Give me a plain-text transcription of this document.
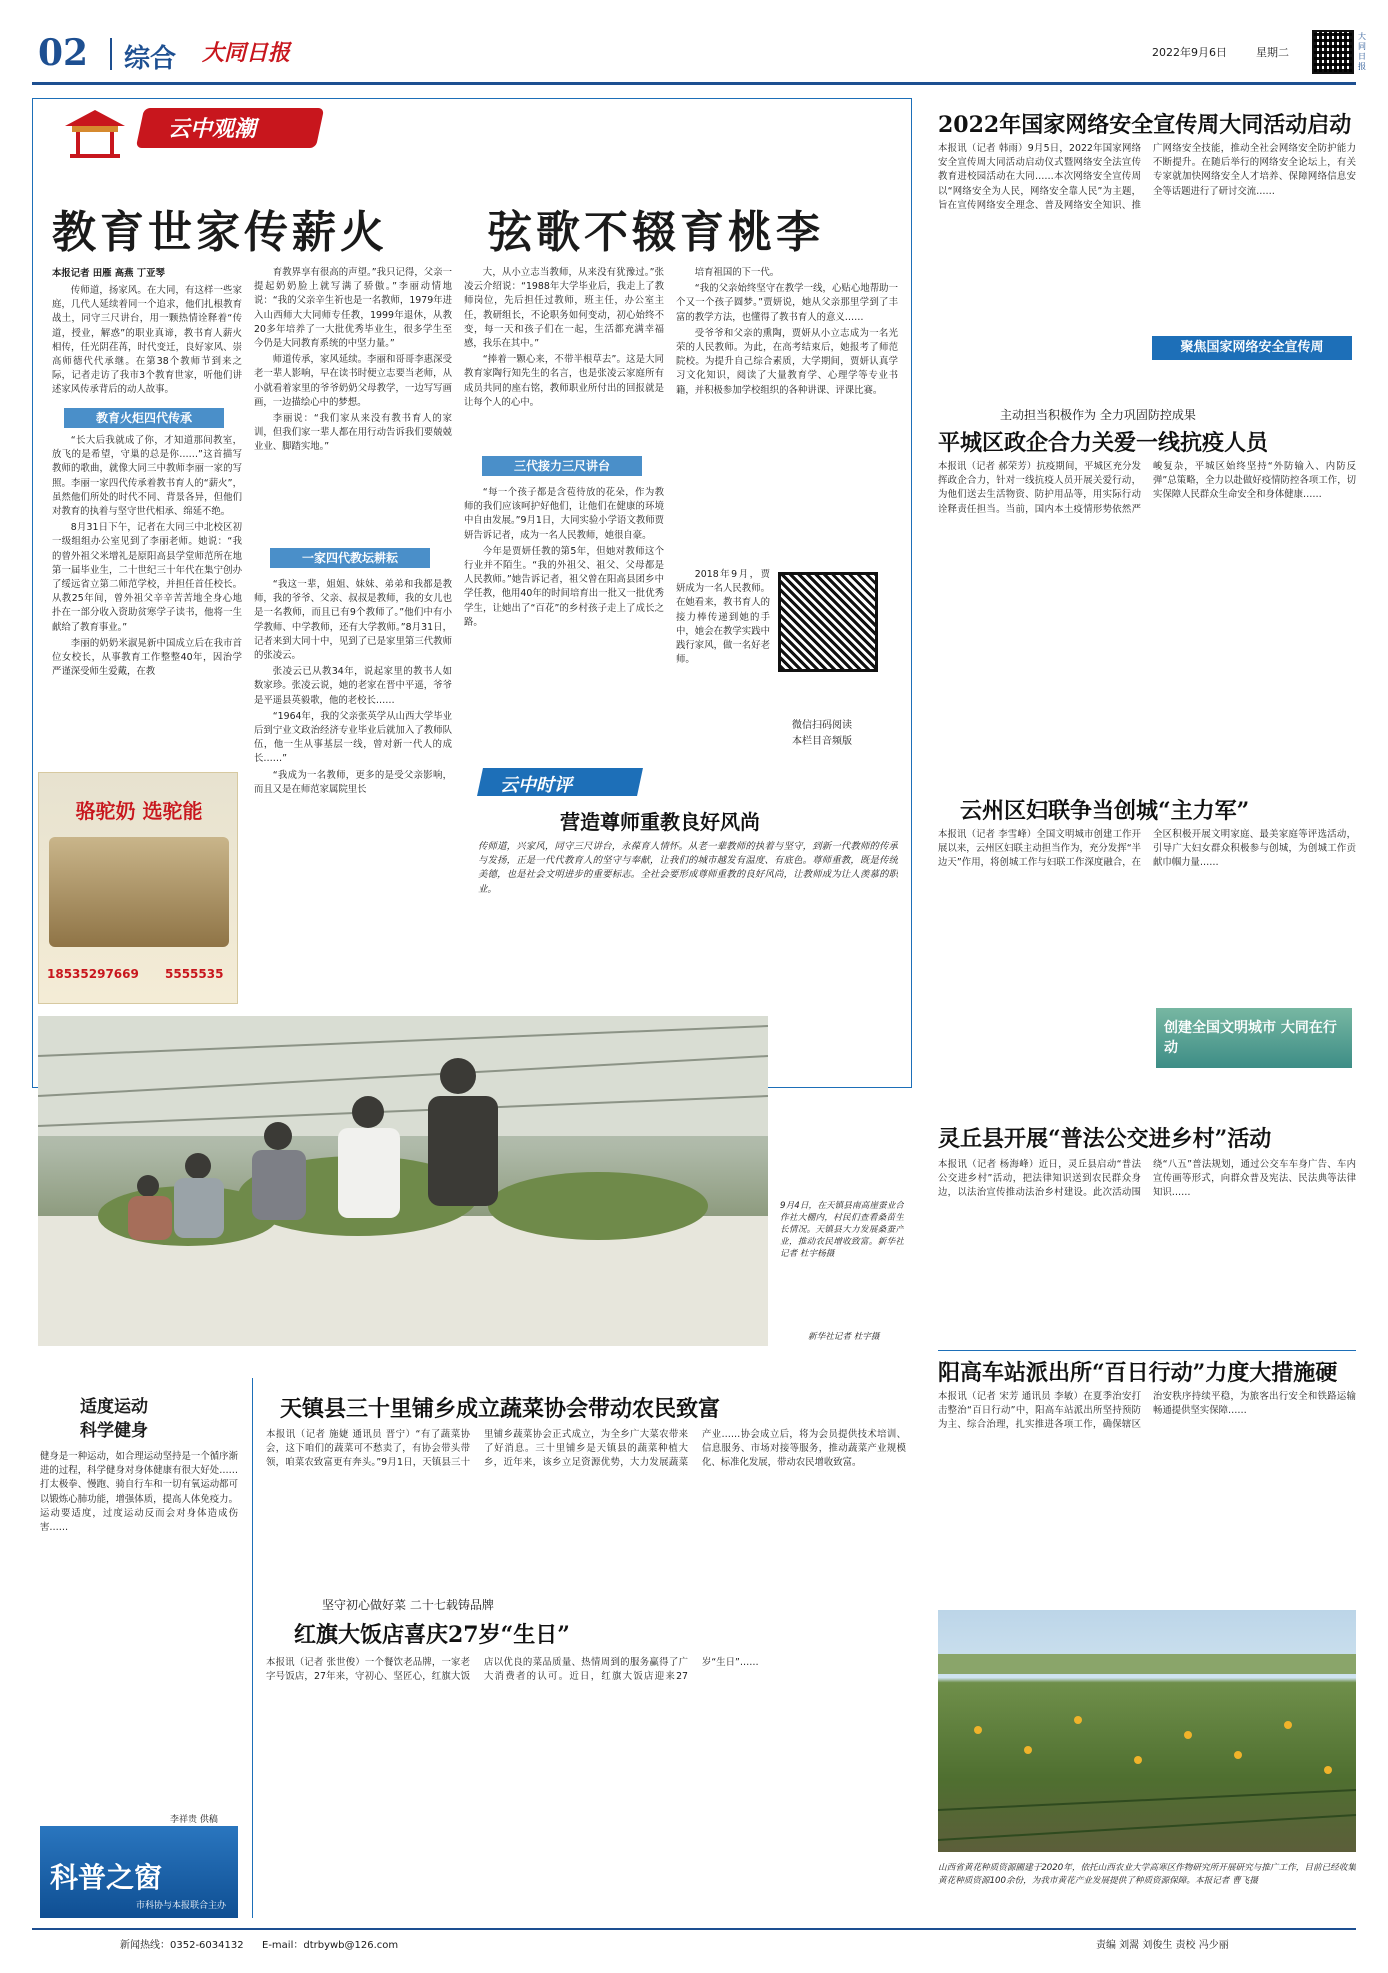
02 综合 大同日报	2022年9月6日	星期二
大同日报
云中观潮
教育世家传薪火 弦歌不辍育桃李
本报记者 田雁 高燕 丁亚琴

传师道，扬家风。在大同，有这样一些家庭，几代人延续着同一个追求，他们扎根教育战土，同守三尺讲台，用一颗热情诠释着“传道，授业，解惑”的职业真谛，教书育人薪火相传，任光阴荏苒，时代变迁，良好家风、崇高师德代代承继。在第38个教师节到来之际，记者走访了我市3个教育世家，听他们讲述家风传承背后的动人故事。

教育火炬四代传承

“长大后我就成了你，才知道那间教室，放飞的是希望，守巢的总是你……”这首描写教师的歌曲，就像大同三中教师李丽一家的写照。李丽一家四代传承着教书育人的“薪火”，虽然他们所处的时代不同、背景各异，但他们对教育的执着与坚守世代相承、绵延不绝。

8月31日下午，记者在大同三中北校区初一级组组办公室见到了李丽老师。她说：“我的曾外祖父米增礼是原阳高县学堂师范所在地第一届毕业生，二十世纪三十年代在集宁创办了绥远省立第二师范学校，并担任首任校长。从教25年间，曾外祖父辛辛苦苦地全身心地扑在一部分收入资助贫寒学子读书，他将一生献给了教育事业。”

李丽的奶奶米淑晃新中国成立后在我市首位女校长，从事教育工作整整40年，因治学严谨深受师生爱戴，在教

育教界享有很高的声望。”我只记得，父亲一提起奶奶脸上就写满了骄傲。”李丽动情地说：“我的父亲辛生祈也是一名教师，1979年进入山西师大大同师专任教，1999年退休，从教20多年培养了一大批优秀毕业生，很多学生至今仍是大同教育系统的中坚力量。”

师道传承，家风延续。李丽和哥哥李惠深受老一辈人影响，早在读书时便立志要当老师，从小就看着家里的爷爷奶奶父母教学，一边写写画画，一边描绘心中的梦想。

李丽说：“我们家从来没有教书育人的家训，但我们家一辈人都在用行动告诉我们要兢兢业业、脚踏实地。”

一家四代教坛耕耘

“我这一辈，姐姐、妹妹、弟弟和我都是教师，我的爷爷、父亲、叔叔是教师，我的女儿也是一名教师，而且已有9个教师了。”他们中有小学教师、中学教师，还有大学教师。”8月31日，记者来到大同十中，见到了已是家里第三代教师的张凌云。

张凌云已从教34年，说起家里的教书人如数家珍。张凌云说，她的老家在晋中平遥，爷爷是平遥县英毅歌，他的老校长……

“1964年，我的父亲张英学从山西大学毕业后到宁业文政治经济专业毕业后就加入了教师队伍，他一生从事基层一线，曾对新一代人的成长……”

“我成为一名教师，更多的是受父亲影响，而且又是在师范家属院里长

大，从小立志当教师，从来没有犹豫过。”张凌云介绍说：“1988年大学毕业后，我走上了教师岗位，先后担任过教师，班主任，办公室主任，教研组长，不论职务如何变动，初心始终不变，每一天和孩子们在一起，生活都充满幸福感，我乐在其中。”

“捧着一颗心来，不带半根草去”。这是大同教育家陶行知先生的名言，也是张凌云家庭所有成员共同的座右铭，教师职业所付出的回报就是让每个人的心中。

三代接力三尺讲台

“每一个孩子都是含苞待放的花朵，作为教师的我们应该呵护好他们，让他们在健康的环境中自由发展。”9月1日，大同实验小学语文教师贾妍告诉记者，成为一名人民教师，她很自豪。

今年是贾妍任教的第5年，但她对教师这个行业并不陌生。“我的外祖父、祖父、父母都是人民教师。”她告诉记者，祖父曾在阳高县团乡中学任教，他用40年的时间培育出一批又一批优秀学生，让她出了“百花”的乡村孩子走上了成长之路。

培育祖国的下一代。

“我的父亲始终坚守在教学一线，心贴心地帮助一个又一个孩子圆梦。”贾妍说，她从父亲那里学到了丰富的教学方法，也懂得了教书育人的意义……

受爷爷和父亲的熏陶，贾妍从小立志成为一名光荣的人民教师。为此，在高考结束后，她报考了师范院校。为提升自己综合素质，大学期间，贾妍认真学习文化知识，阅读了大量教育学、心理学等专业书籍，并积极参加学校组织的各种讲课、评课比赛。

2018年9月，贾妍成为一名人民教师。在她看来，教书育人的接力棒传递到她的手中，她会在教学实践中践行家风，做一名好老师。

微信扫码阅读
本栏目音频版
骆驼奶 选驼能
18535297669 5555535
云中时评
营造尊师重教良好风尚
传师道，兴家风，同守三尺讲台，永葆育人情怀。从老一辈教师的执着与坚守，到新一代教师的传承与发扬，正是一代代教育人的坚守与奉献，让我们的城市越发有温度、有底色。尊师重教，既是传统美德，也是社会文明进步的重要标志。全社会要形成尊师重教的良好风尚，让教师成为让人羡慕的职业。
9月4日，在天镇县南高崖蚕业合作社大棚内，村民们查看桑苗生长情况。天镇县大力发展桑蚕产业，推动农民增收致富。新华社记者 杜宇杨摄
新华社记者 杜宇摄
2022年国家网络安全宣传周大同活动启动
本报讯（记者 韩雨）9月5日，2022年国家网络安全宣传周大同活动启动仪式暨网络安全法宣传教育进校园活动在大同……本次网络安全宣传周以“网络安全为人民，网络安全靠人民”为主题，旨在宣传网络安全理念、普及网络安全知识、推广网络安全技能，推动全社会网络安全防护能力不断提升。在随后举行的网络安全论坛上，有关专家就加快网络安全人才培养、保障网络信息安全等话题进行了研讨交流……
聚焦国家网络安全宣传周
主动担当积极作为 全力巩固防控成果
平城区政企合力关爱一线抗疫人员
本报讯（记者 郝荣芳）抗疫期间，平城区充分发挥政企合力，针对一线抗疫人员开展关爱行动，为他们送去生活物资、防护用品等，用实际行动诠释责任担当。当前，国内本土疫情形势依然严峻复杂，平城区始终坚持“外防输入、内防反弹”总策略，全力以赴做好疫情防控各项工作，切实保障人民群众生命安全和身体健康……
云州区妇联争当创城“主力军”
本报讯（记者 李雪峰）全国文明城市创建工作开展以来，云州区妇联主动担当作为，充分发挥“半边天”作用，将创城工作与妇联工作深度融合，在全区积极开展文明家庭、最美家庭等评选活动，引导广大妇女群众积极参与创城，为创城工作贡献巾帼力量……
创建全国文明城市 大同在行动
灵丘县开展“普法公交进乡村”活动
本报讯（记者 杨海峰）近日，灵丘县启动“普法公交进乡村”活动，把法律知识送到农民群众身边，以法治宣传推动法治乡村建设。此次活动围绕“八五”普法规划，通过公交车车身广告、车内宣传画等形式，向群众普及宪法、民法典等法律知识……
阳高车站派出所“百日行动”力度大措施硬
本报讯（记者 宋芳 通讯员 李敏）在夏季治安打击整治“百日行动”中，阳高车站派出所坚持预防为主、综合治理，扎实推进各项工作，确保辖区治安秩序持续平稳，为旅客出行安全和铁路运输畅通提供坚实保障……
山西省黄花种质资源圃建于2020年，依托山西农业大学高寒区作物研究所开展研究与推广工作，目前已经收集黄花种质资源100余份，为我市黄花产业发展提供了种质资源保障。本报记者 曹飞摄
适度运动
科学健身
健身是一种运动，如合理运动坚持是一个循序渐进的过程，科学健身对身体健康有很大好处……打太极拳、慢跑、骑自行车和一切有氧运动都可以锻炼心肺功能，增强体质，提高人体免疫力。运动要适度，过度运动反而会对身体造成伤害……
李祥贵 供稿
科普之窗
市科协与本报联合主办
天镇县三十里铺乡成立蔬菜协会带动农民致富
本报讯（记者 施婕 通讯员 晋宁）“有了蔬菜协会，这下咱们的蔬菜可不愁卖了，有协会带头带领，咱菜农致富更有奔头。”9月1日，天镇县三十里铺乡蔬菜协会正式成立，为全乡广大菜农带来了好消息。三十里铺乡是天镇县的蔬菜种植大乡，近年来，该乡立足资源优势，大力发展蔬菜产业……协会成立后，将为会员提供技术培训、信息服务、市场对接等服务，推动蔬菜产业规模化、标准化发展，带动农民增收致富。
坚守初心做好菜 二十七载铸品牌
红旗大饭店喜庆27岁“生日”
本报讯（记者 张世俊）一个餐饮老品牌，一家老字号饭店，27年来，守初心、坚匠心，红旗大饭店以优良的菜品质量、热情周到的服务赢得了广大消费者的认可。近日，红旗大饭店迎来27岁“生日”……
新闻热线：0352-6034132 E-mail：dtrbywb@126.com	责编 刘翯 刘俊生 责校 冯少丽
